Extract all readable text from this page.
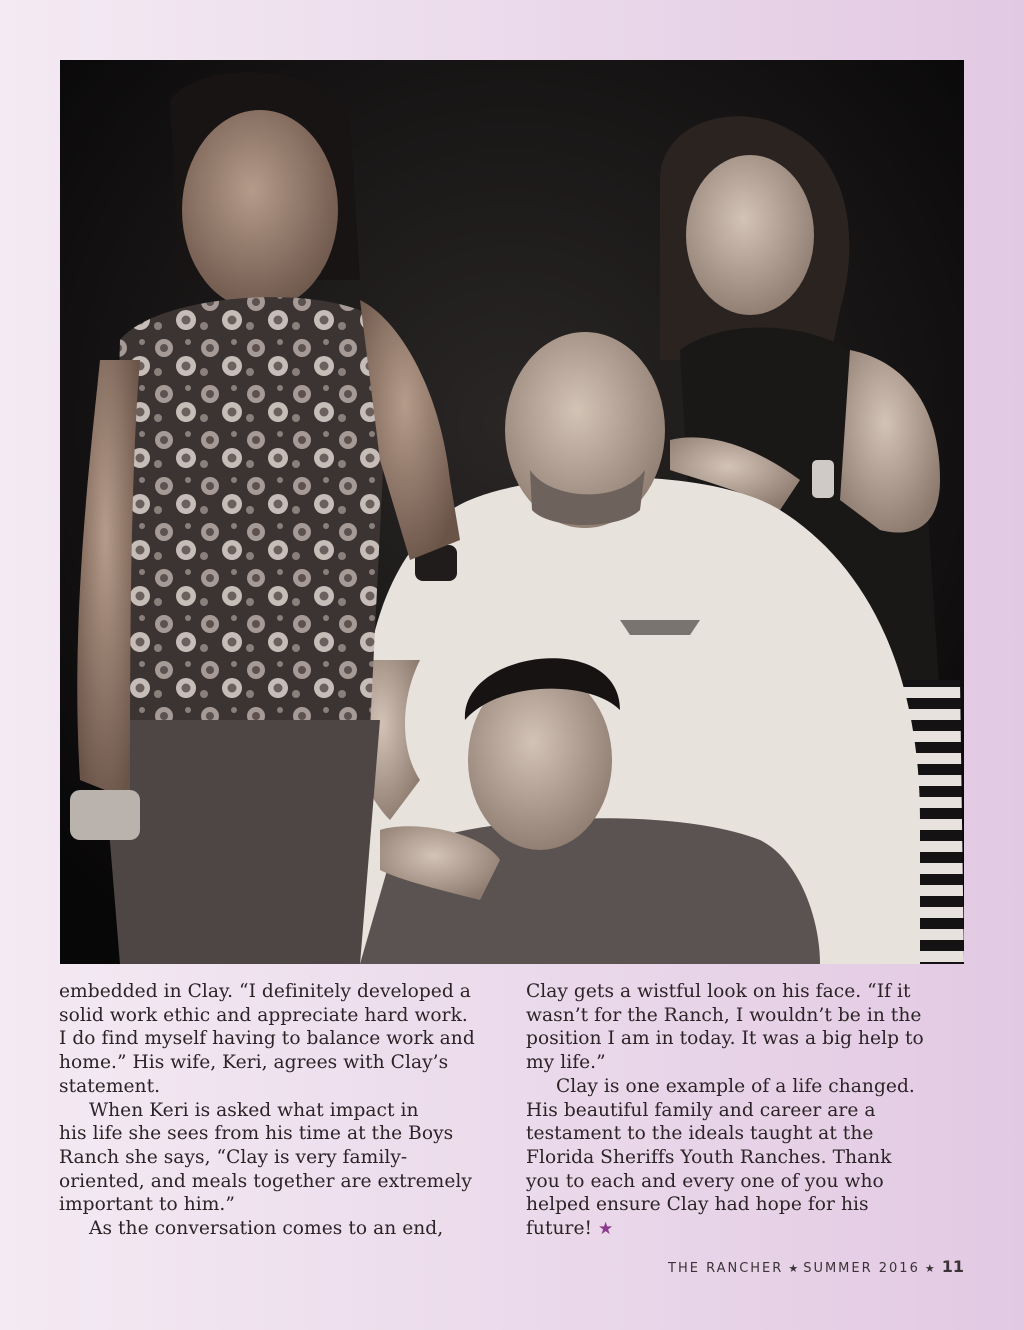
embedded in Clay. “I definitely developed a
solid work ethic and appreciate hard work.
I do find myself having to balance work and
home.” His wife, Keri, agrees with Clay’s
statement.

When Keri is asked what impact in
his life she sees from his time at the Boys
Ranch she says, “Clay is very family-
oriented, and meals together are extremely
important to him.”

As the conversation comes to an end,

Clay gets a wistful look on his face. “If it
wasn’t for the Ranch, I wouldn’t be in the
position I am in today. It was a big help to
my life.”

Clay is one example of a life changed.
His beautiful family and career are a
testament to the ideals taught at the
Florida Sheriffs Youth Ranches. Thank
you to each and every one of you who
helped ensure Clay had hope for his
future! ★

THE RANCHER ★ SUMMER 2016 ★ 11
